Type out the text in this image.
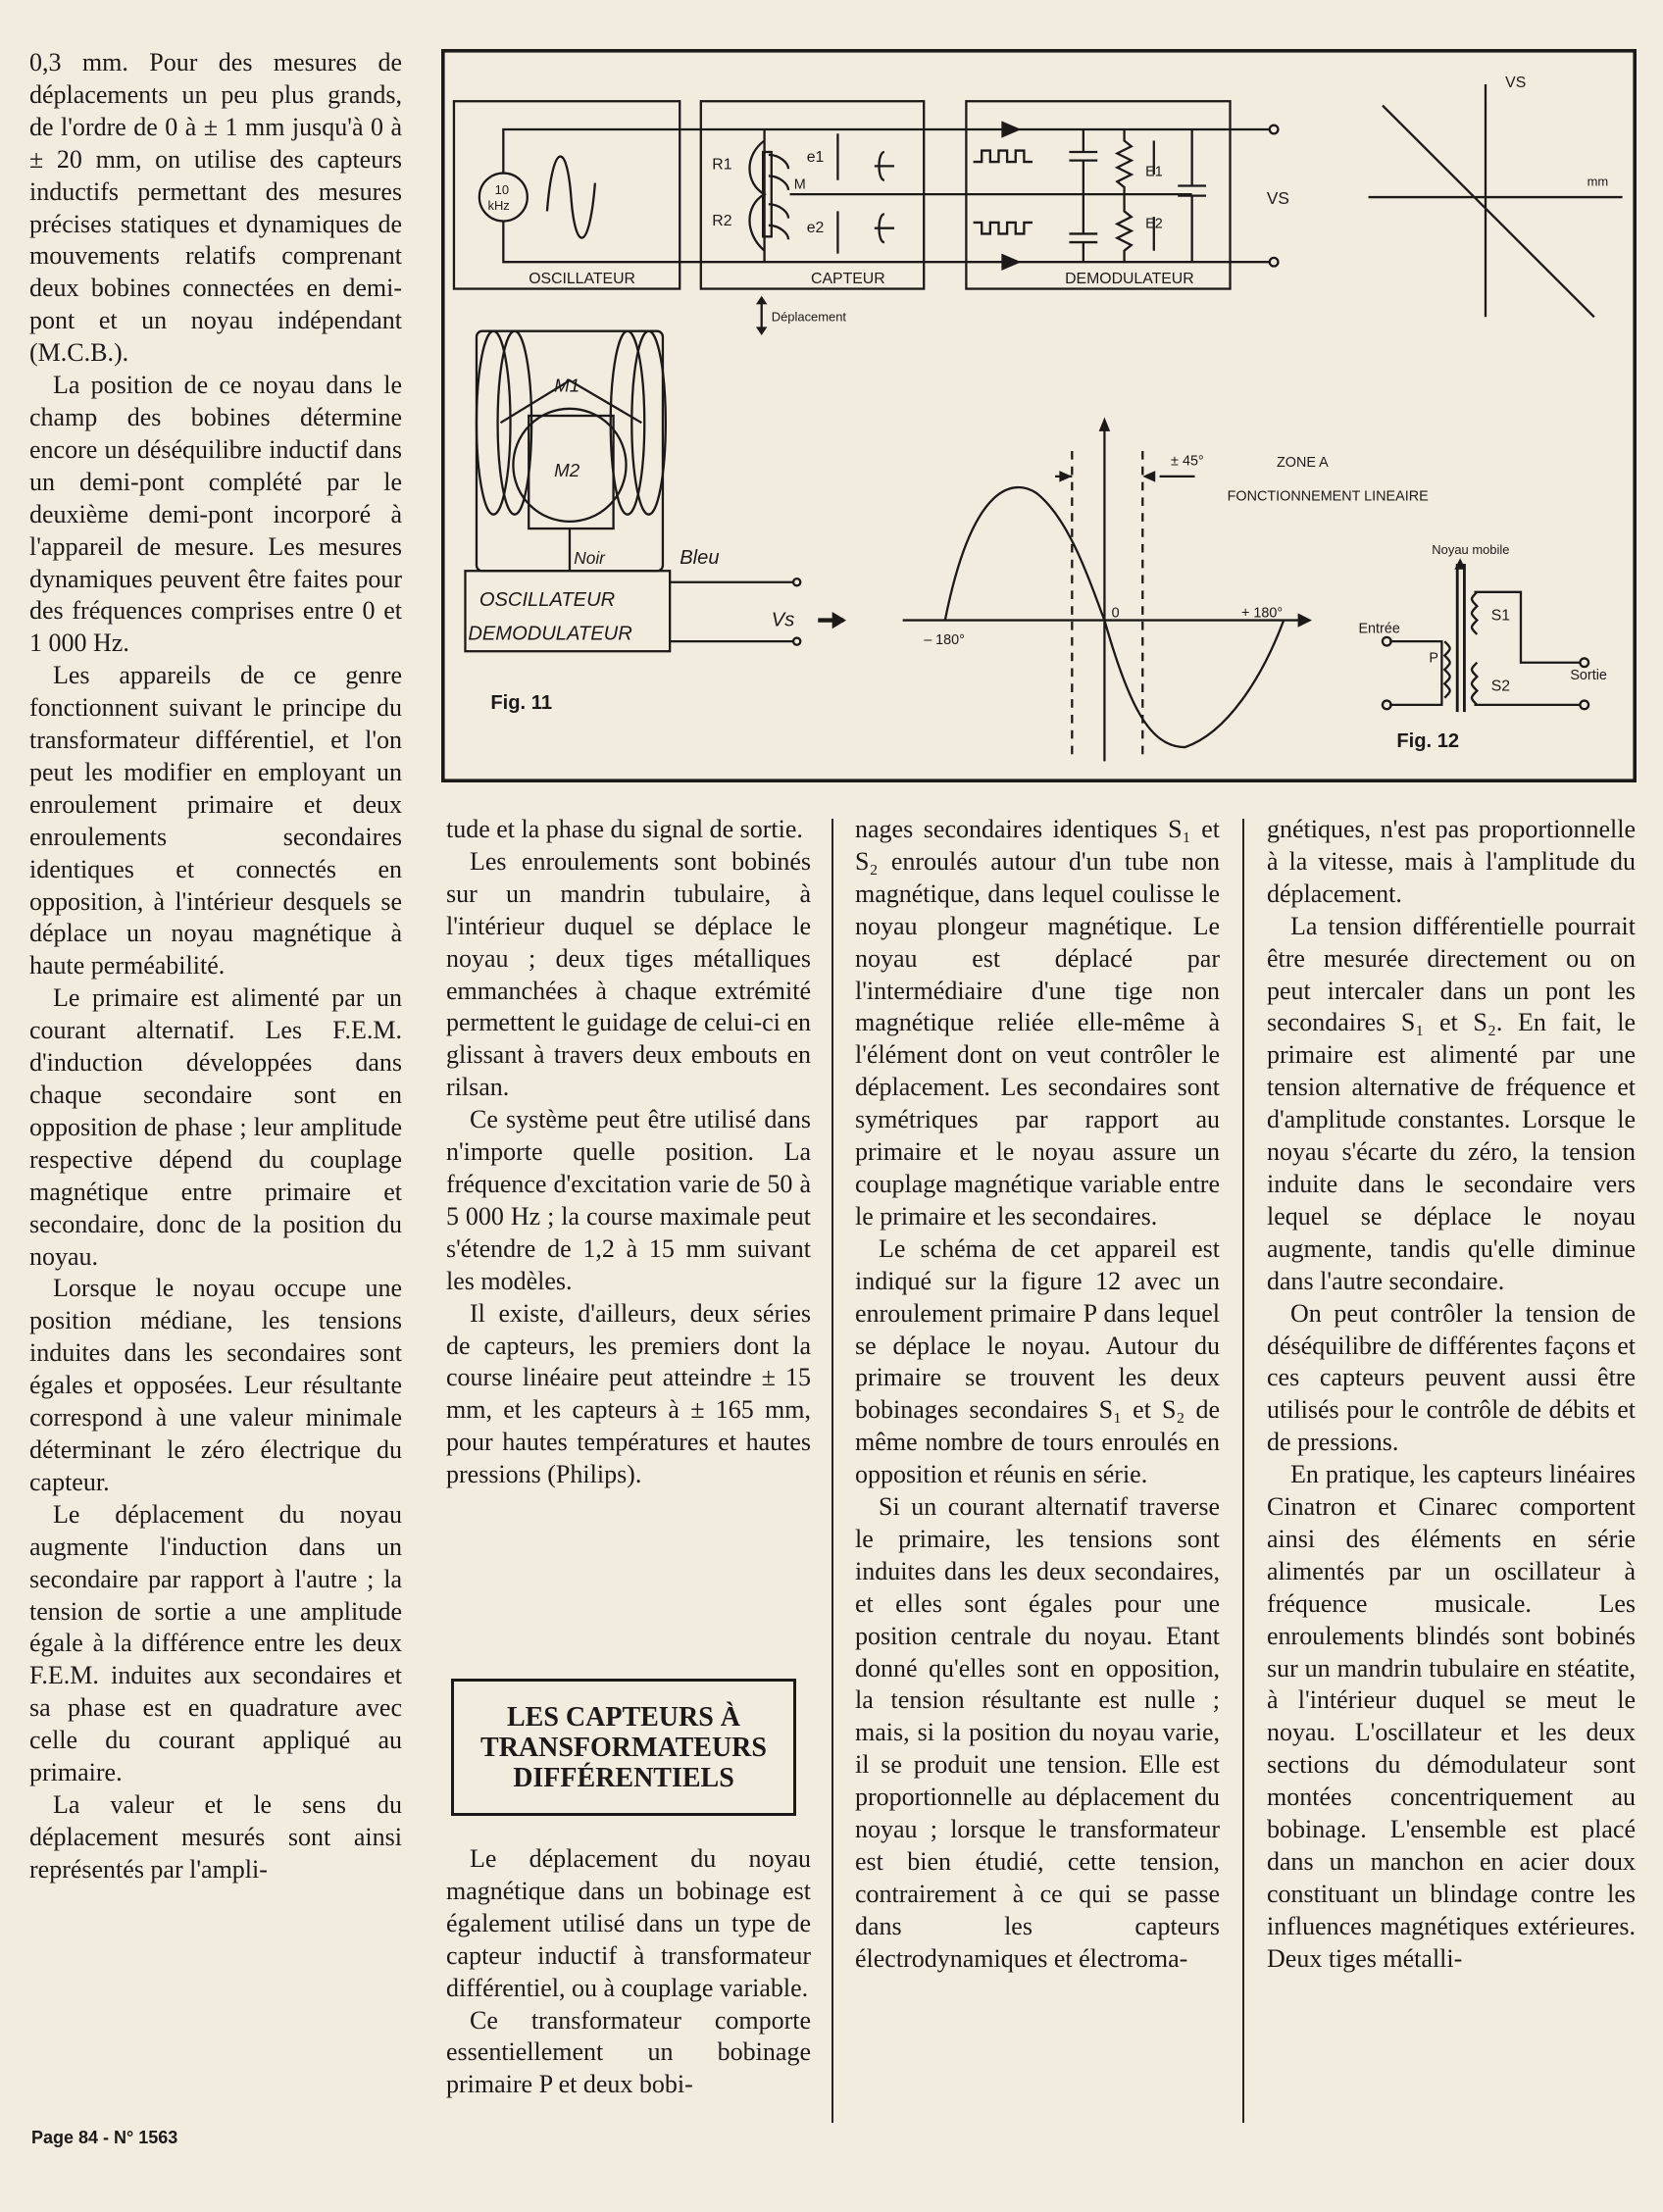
OSCILLATEUR	CAPTEUR	DEMODULATEUR
10
kHz
R1
R2
M
e1
e2
E1
E2
VS
Déplacement
M1
M2
Noir	Bleu
OSCILLATEUR
DEMODULATEUR
Vs
Fig. 11
VS
mm
± 45°	ZONE A
FONCTIONNEMENT LINEAIRE
– 180°
0	+ 180°
Noyau mobile
Entrée
P
S1
S2
Sortie
Fig. 12

0,3 mm. Pour des mesures de déplacements un peu plus grands, de l'ordre de 0 à ± 1 mm jusqu'à 0 à ± 20 mm, on utilise des capteurs inductifs permettant des mesures précises statiques et dynamiques de mouvements relatifs comprenant deux bobines connectées en demi-pont et un noyau indépendant (M.C.B.).

La position de ce noyau dans le champ des bobines détermine encore un déséquilibre inductif dans un demi-pont complété par le deuxième demi-pont incorporé à l'appareil de mesure. Les mesures dynamiques peuvent être faites pour des fréquences comprises entre 0 et 1 000 Hz.

Les appareils de ce genre fonctionnent suivant le principe du transformateur différentiel, et l'on peut les modifier en employant un enroulement primaire et deux enroulements secondaires identiques et connectés en opposition, à l'intérieur desquels se déplace un noyau magnétique à haute perméabilité.

Le primaire est alimenté par un courant alternatif. Les F.E.M. d'induction développées dans chaque secondaire sont en opposition de phase ; leur amplitude respective dépend du couplage magnétique entre primaire et secondaire, donc de la position du noyau.

Lorsque le noyau occupe une position médiane, les tensions induites dans les secondaires sont égales et opposées. Leur résultante correspond à une valeur minimale déterminant le zéro électrique du capteur.

Le déplacement du noyau augmente l'induction dans un secondaire par rapport à l'autre ; la tension de sortie a une amplitude égale à la différence entre les deux F.E.M. induites aux secondaires et sa phase est en quadrature avec celle du courant appliqué au primaire.

La valeur et le sens du déplacement mesurés sont ainsi représentés par l'ampli-

tude et la phase du signal de sortie.

Les enroulements sont bobinés sur un mandrin tubulaire, à l'intérieur duquel se déplace le noyau ; deux tiges métalliques emmanchées à chaque extrémité permettent le guidage de celui-ci en glissant à travers deux embouts en rilsan.

Ce système peut être utilisé dans n'importe quelle position. La fréquence d'excitation varie de 50 à 5 000 Hz ; la course maximale peut s'étendre de 1,2 à 15 mm suivant les modèles.

Il existe, d'ailleurs, deux séries de capteurs, les premiers dont la course linéaire peut atteindre ± 15 mm, et les capteurs à ± 165 mm, pour hautes températures et hautes pressions (Philips).

LES CAPTEURS À TRANSFORMATEURS DIFFÉRENTIELS

Le déplacement du noyau magnétique dans un bobinage est également utilisé dans un type de capteur inductif à transformateur différentiel, ou à couplage variable.

Ce transformateur comporte essentiellement un bobinage primaire P et deux bobi-

nages secondaires identiques S₁ et S₂ enroulés autour d'un tube non magnétique, dans lequel coulisse le noyau plongeur magnétique. Le noyau est déplacé par l'intermédiaire d'une tige non magnétique reliée elle-même à l'élément dont on veut contrôler le déplacement. Les secondaires sont symétriques par rapport au primaire et le noyau assure un couplage magnétique variable entre le primaire et les secondaires.

Le schéma de cet appareil est indiqué sur la figure 12 avec un enroulement primaire P dans lequel se déplace le noyau. Autour du primaire se trouvent les deux bobinages secondaires S₁ et S₂ de même nombre de tours enroulés en opposition et réunis en série.

Si un courant alternatif traverse le primaire, les tensions sont induites dans les deux secondaires, et elles sont égales pour une position centrale du noyau. Etant donné qu'elles sont en opposition, la tension résultante est nulle ; mais, si la position du noyau varie, il se produit une tension. Elle est proportionnelle au déplacement du noyau ; lorsque le transformateur est bien étudié, cette tension, contrairement à ce qui se passe dans les capteurs électrodynamiques et électroma-

gnétiques, n'est pas proportionnelle à la vitesse, mais à l'amplitude du déplacement.

La tension différentielle pourrait être mesurée directement ou on peut intercaler dans un pont les secondaires S₁ et S₂. En fait, le primaire est alimenté par une tension alternative de fréquence et d'amplitude constantes. Lorsque le noyau s'écarte du zéro, la tension induite dans le secondaire vers lequel se déplace le noyau augmente, tandis qu'elle diminue dans l'autre secondaire.

On peut contrôler la tension de déséquilibre de différentes façons et ces capteurs peuvent aussi être utilisés pour le contrôle de débits et de pressions.

En pratique, les capteurs linéaires Cinatron et Cinarec comportent ainsi des éléments en série alimentés par un oscillateur à fréquence musicale. Les enroulements blindés sont bobinés sur un mandrin tubulaire en stéatite, à l'intérieur duquel se meut le noyau. L'oscillateur et les deux sections du démodulateur sont montées concentriquement au bobinage. L'ensemble est placé dans un manchon en acier doux constituant un blindage contre les influences magnétiques extérieures. Deux tiges métalli-

Page 84 - N° 1563
